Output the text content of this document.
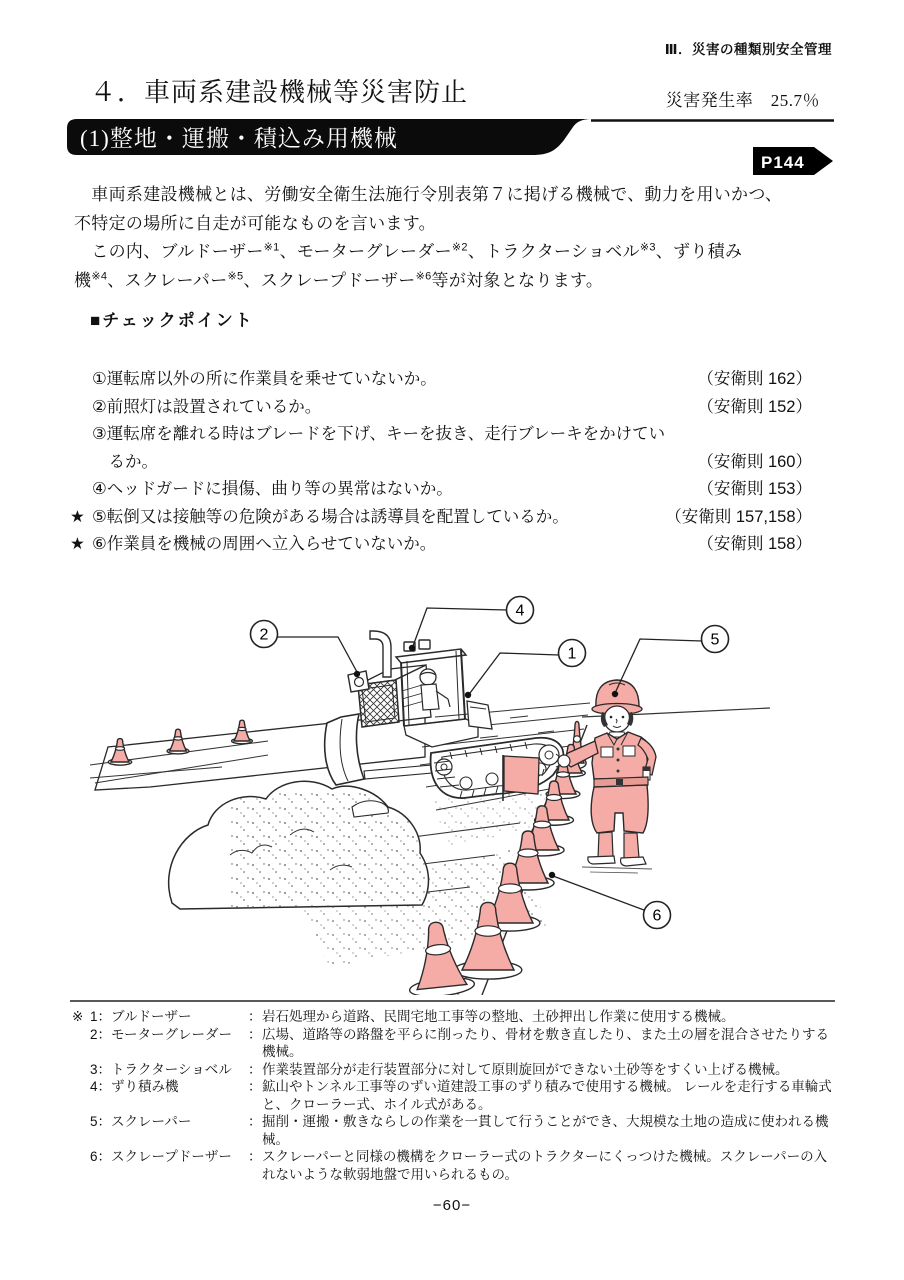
Ⅲ．災害の種類別安全管理
４．車両系建設機械等災害防止	災害発生率　25.7％
(1)整地・運搬・積込み用機械
P144

　車両系建設機械とは、労働安全衛生法施行令別表第７に掲げる機械で、動力を用いかつ、
不特定の場所に自走が可能なものを言います。

　この内、ブルドーザー$^{※1}$、モーターグレーダー$^{※2}$、トラクターショベル$^{※3}$、ずり積み
機$^{※4}$、スクレーパー$^{※5}$、スクレープドーザー$^{※6}$等が対象となります。

■チェックポイント
①運転席以外の所に作業員を乗せていないか。	（安衛則 162）
②前照灯は設置されているか。	（安衛則 152）
③運転席を離れる時はブレードを下げ、キーを抜き、走行ブレーキをかけてい
るか。	（安衛則 160）
④ヘッドガードに損傷、曲り等の異常はないか。	（安衛則 153）
★ ⑤転倒又は接触等の危険がある場合は誘導員を配置しているか。	（安衛則 157,158）
★ ⑥作業員を機械の周囲へ立入らせていないか。	（安衛則 158）
2
4
1
5
6
※ 1：ブルドーザー	： 岩石処理から道路、民間宅地工事等の整地、土砂押出し作業に使用する機械。
2：モーターグレーダー	： 広場、道路等の路盤を平らに削ったり、骨材を敷き直したり、また土の層を混合させたりする機械。
3：トラクターショベル	： 作業装置部分が走行装置部分に対して原則旋回ができない土砂等をすくい上げる機械。
4：ずり積み機	： 鉱山やトンネル工事等のずい道建設工事のずり積みで使用する機械。 レールを走行する車輪式と、クローラー式、ホイル式がある。
5：スクレーパー	： 掘削・運搬・敷きならしの作業を一貫して行うことができ、大規模な土地の造成に使われる機械。
6：スクレープドーザー	： スクレーパーと同様の機構をクローラー式のトラクターにくっつけた機械。スクレーパーの入れないような軟弱地盤で用いられるもの。
−60−
